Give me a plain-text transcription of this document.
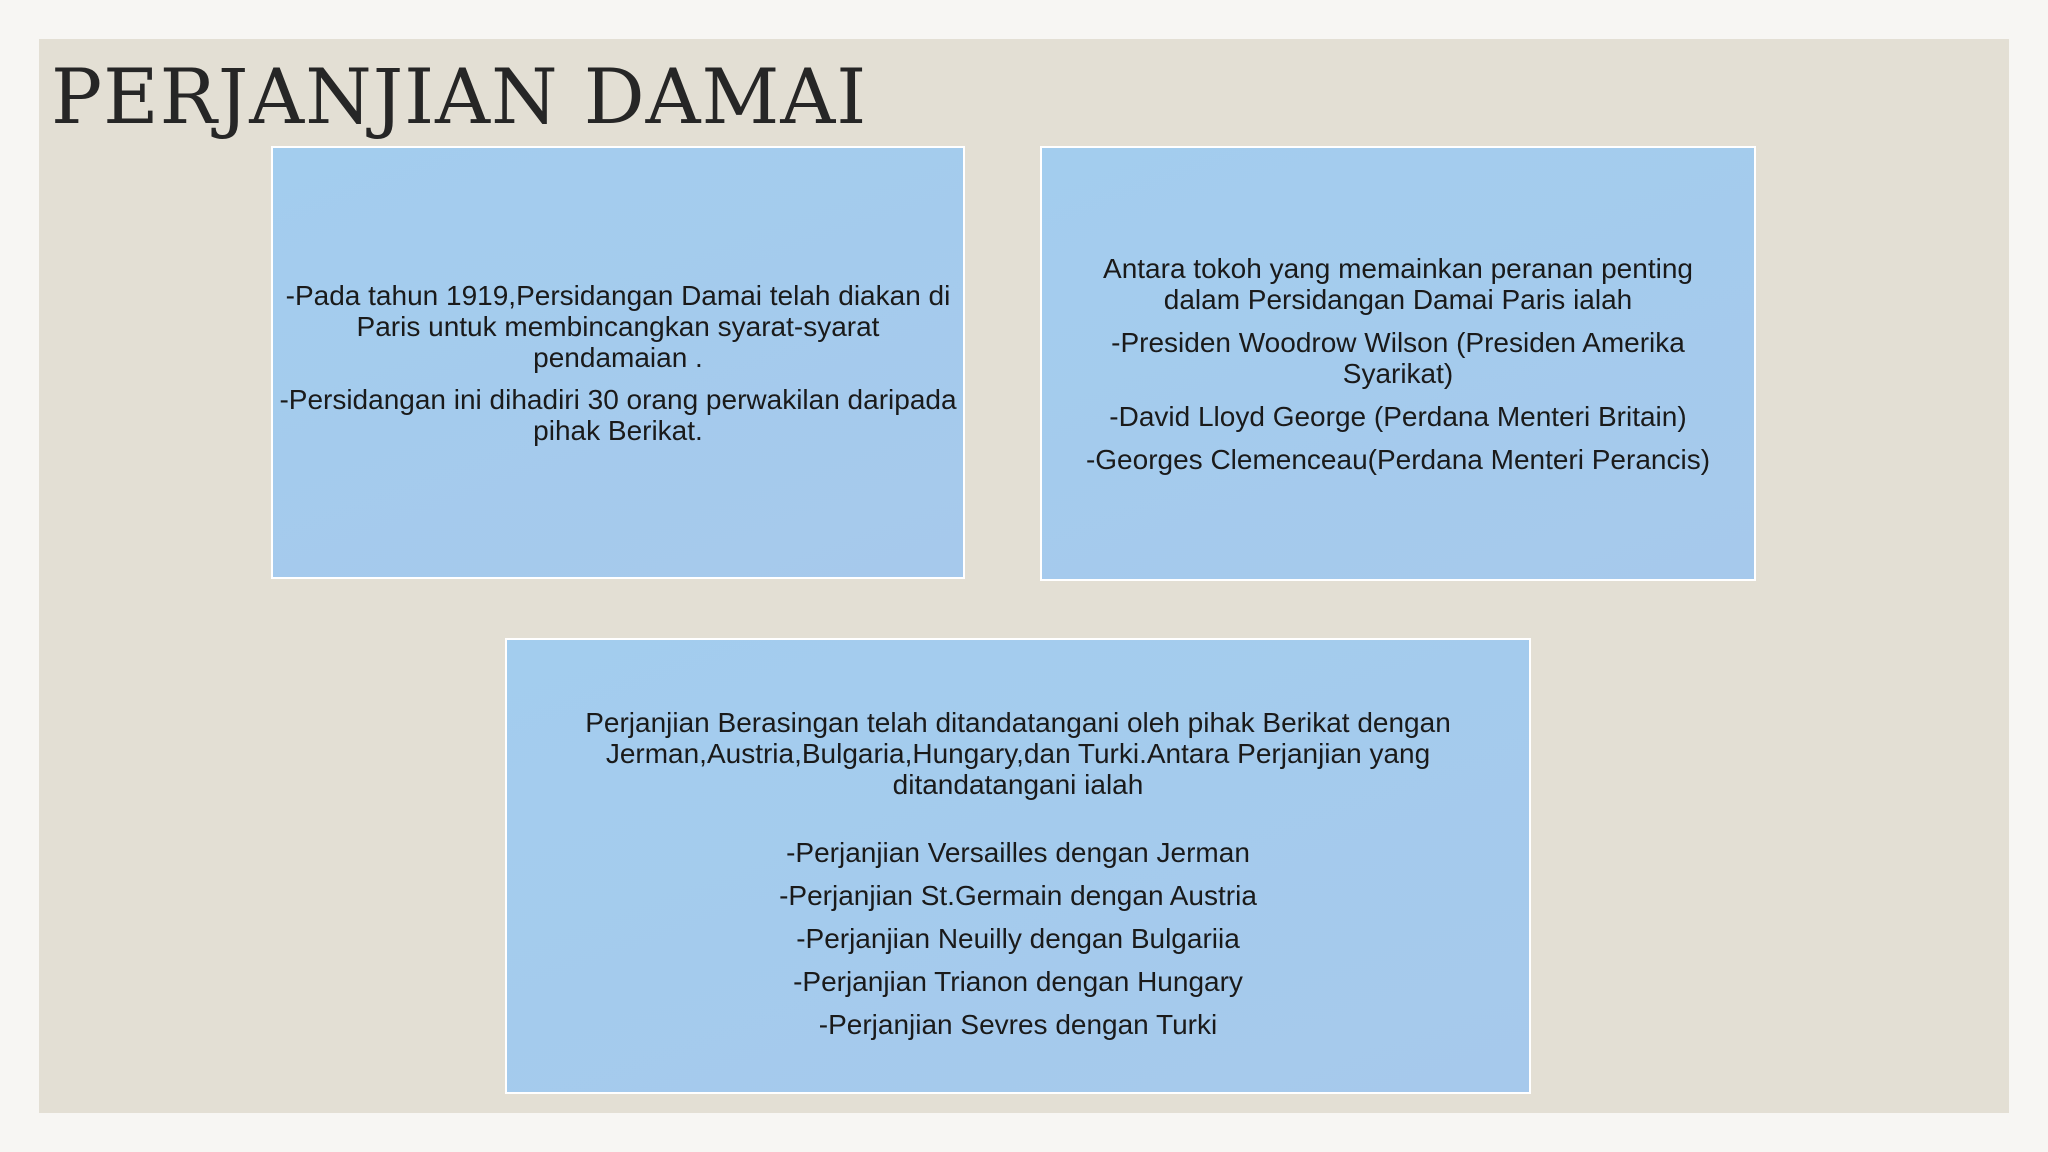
PERJANJIAN DAMAI

-Pada tahun 1919,Persidangan Damai telah diakan di Paris untuk membincangkan syarat-syarat pendamaian .

-Persidangan ini dihadiri 30 orang perwakilan daripada pihak Berikat.

Antara tokoh yang memainkan peranan penting dalam Persidangan Damai Paris ialah

-Presiden Woodrow Wilson (Presiden Amerika Syarikat)

-David Lloyd George (Perdana Menteri Britain)

-Georges Clemenceau(Perdana Menteri Perancis)

Perjanjian Berasingan telah ditandatangani oleh pihak Berikat dengan Jerman,Austria,Bulgaria,Hungary,dan Turki.Antara Perjanjian yang ditandatangani ialah

-Perjanjian Versailles dengan Jerman

-Perjanjian St.Germain dengan Austria

-Perjanjian Neuilly dengan Bulgariia

-Perjanjian Trianon dengan Hungary

-Perjanjian Sevres dengan Turki
